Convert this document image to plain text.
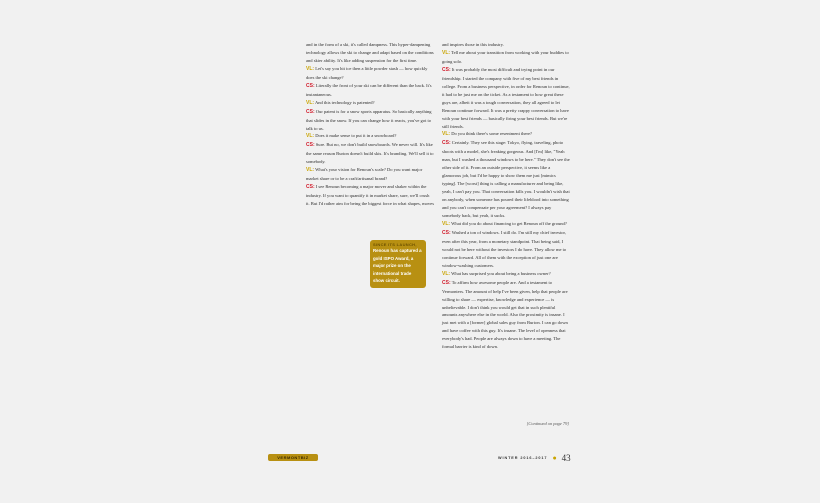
and in the form of a ski, it's called dampness. This hyper-dampening technology allows the ski to change and adapt based on the conditions and skier ability. It's like adding suspension for the first time.

VL: Let's say you hit ice then a little powder stash — how quickly does the ski change?

CS: Literally the front of your ski can be different than the back. It's instantaneous.

VL: And this technology is patented?

CS: Our patent is for a snow sports apparatus. So basically anything that slides in the snow. If you can change how it reacts, you've got to talk to us.

VL: Does it make sense to put it in a snowboard?

CS: Sure. But no, we don't build snowboards. We never will. It's like the same reason Burton doesn't build skis. It's branding. We'll sell it to somebody.

VL: What's your vision for Renoun's scale? Do you want major market share or to be a craft/artisanal brand?

CS: I see Renoun becoming a major mover and shaker within the industry. If you want to quantify it in market share, sure, we'll crush it. But I'd rather aim for being the biggest force in what shapes, moves

and inspires those in this industry.

VL: Tell me about your transition from working with your buddies to going solo.

CS: It was probably the most difficult and trying point in our friendship. I started the company with five of my best friends in college. From a business perspective, in order for Renoun to continue, it had to be just me on the ticket. As a testament to how great these guys are, albeit it was a tough conversation, they all agreed to let Renoun continue forward. It was a pretty crappy conversation to have with your best friends — basically firing your best friends. But we're still friends.

VL: Do you think there's some resentment there?

CS: Certainly. They see this stage: Tokyo, flying, traveling, photo shoots with a model, she's freaking gorgeous. And [I'm] like, "Yeah man, but I washed a thousand windows to be here." They don't see the other side of it. From an outside perspective, it seems like a glamorous job, but I'd be happy to show them me just [mimics typing]. The [worst] thing is calling a manufacturer and being like, yeah, I can't pay you. That conversation kills you. I wouldn't wish that on anybody, when someone has poured their lifeblood into something and you can't compensate per your agreement? I always pay somebody back, but yeah, it sucks.

VL: What did you do about financing to get Renoun off the ground?

CS: Washed a ton of windows. I still do. I'm still my chief investor, even after this year, from a monetary standpoint. That being said, I would not be here without the investors I do have. They allow me to continue forward. All of them with the exception of just one are window-washing customers.

VL: What has surprised you about being a business owner?

CS: To affirm how awesome people are. And a testament to Vermonters. The amount of help I've been given, help that people are willing to share — expertise, knowledge and experience — is unbelievable. I don't think you would get that in such plentiful amounts anywhere else in the world. Also the proximity is insane. I just met with a [former] global sales guy from Burton. I can go down and have coffee with this guy. It's insane. The level of openness that everybody's had. People are always down to have a meeting. The formal barrier is kind of down.

SINCE ITS LAUNCH,
Renoun has captured a gold ISPO Award, a major prize on the international trade show circuit.
[Continued on page 79]
VERMONTBIZ	WINTER 2016–2017 ● 43
